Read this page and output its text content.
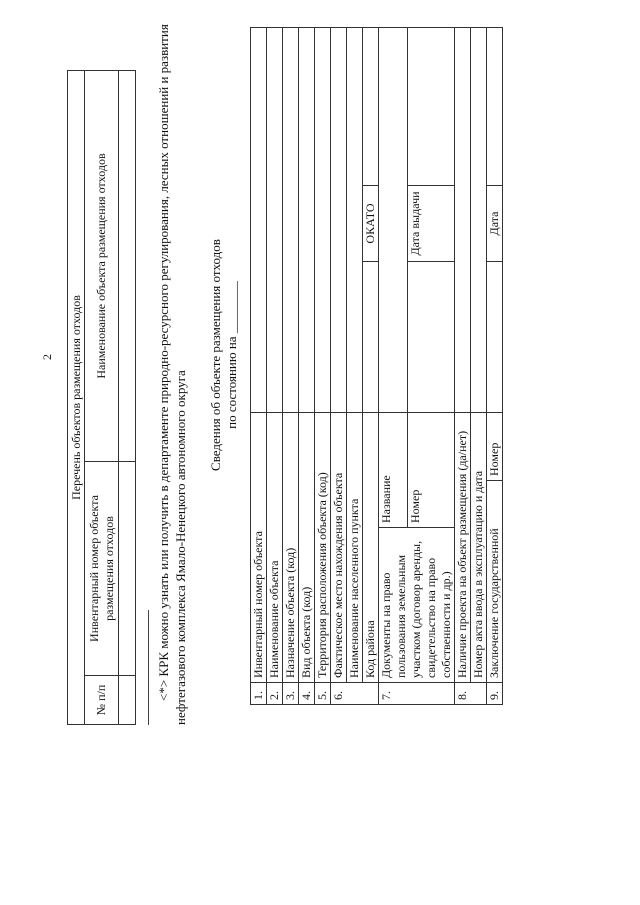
2 Перечень объектов размещения отходов		
№ п/п	Инвентарный номер объекта размещения отходов	Наименование объекта размещения отходов

<*> КРК можно узнать или получить в департаменте природно-ресурсного регулирования, лесных отношений и развития нефтегазового комплекса Ямало-Ненецкого автономного округа
Сведения об объекте размещения отходов по состоянию на ________
1.	Инвентарный номер объекта			
2.	Наименование объекта			
3.	Назначение объекта (код)			
4.	Вид объекта (код)			
5.	Территория расположения объекта (код)			
6.	Фактическое место нахождения объекта			
	Наименование населенного пункта			
	Код района			ОКАТО

7.	Документы на право пользования земельным участком (договор аренды, свидетельство на право собственности и др.)	Название		
		Номер		Дата выдачи

8.	Наличие проекта на объект размещения (да/нет)			
	Номер акта ввода в эксплуатацию и дата			
9.	Заключение государственной		Номер	Дата
